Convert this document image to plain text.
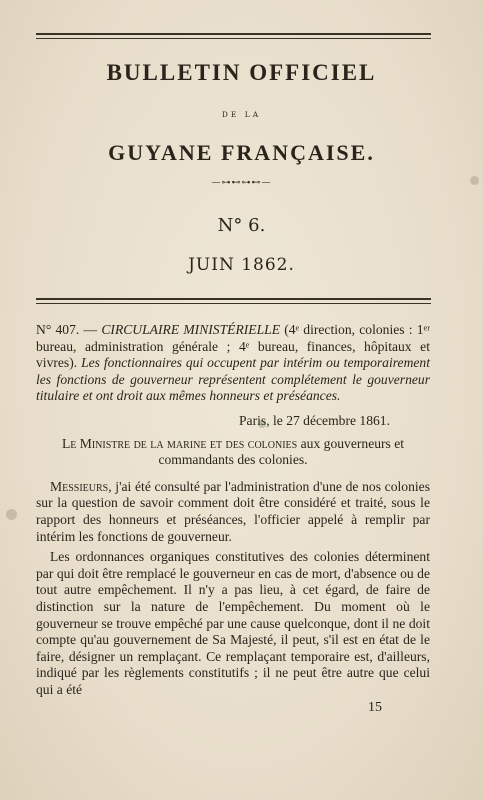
BULLETIN OFFICIEL
DE LA
GUYANE FRANÇAISE.
—⊶⊷⊶⊷—
N° 6.
JUIN 1862.

N° 407. — CIRCULAIRE MINISTÉRIELLE (4ᵉ direction, colonies : 1ᵉʳ bureau, administration générale ; 4ᵉ bureau, finances, hôpitaux et vivres). Les fonctionnaires qui occupent par intérim ou temporairement les fonctions de gouverneur représentent complétement le gouverneur titulaire et ont droit aux mêmes honneurs et préséances.

Paris, le 27 décembre 1861.

Le Ministre de la marine et des colonies aux gouverneurs et commandants des colonies.

Messieurs, j'ai été consulté par l'administration d'une de nos colonies sur la question de savoir comment doit être considéré et traité, sous le rapport des honneurs et préséances, l'officier appelé à remplir par intérim les fonctions de gouverneur.

Les ordonnances organiques constitutives des colonies déterminent par qui doit être remplacé le gouverneur en cas de mort, d'absence ou de tout autre empêchement. Il n'y a pas lieu, à cet égard, de faire de distinction sur la nature de l'empêchement. Du moment où le gouverneur se trouve empêché par une cause quelconque, dont il ne doit compte qu'au gouvernement de Sa Majesté, il peut, s'il est en état de le faire, désigner un remplaçant. Ce remplaçant temporaire est, d'ailleurs, indiqué par les règlements constitutifs ; il ne peut être autre que celui qui a été

15
